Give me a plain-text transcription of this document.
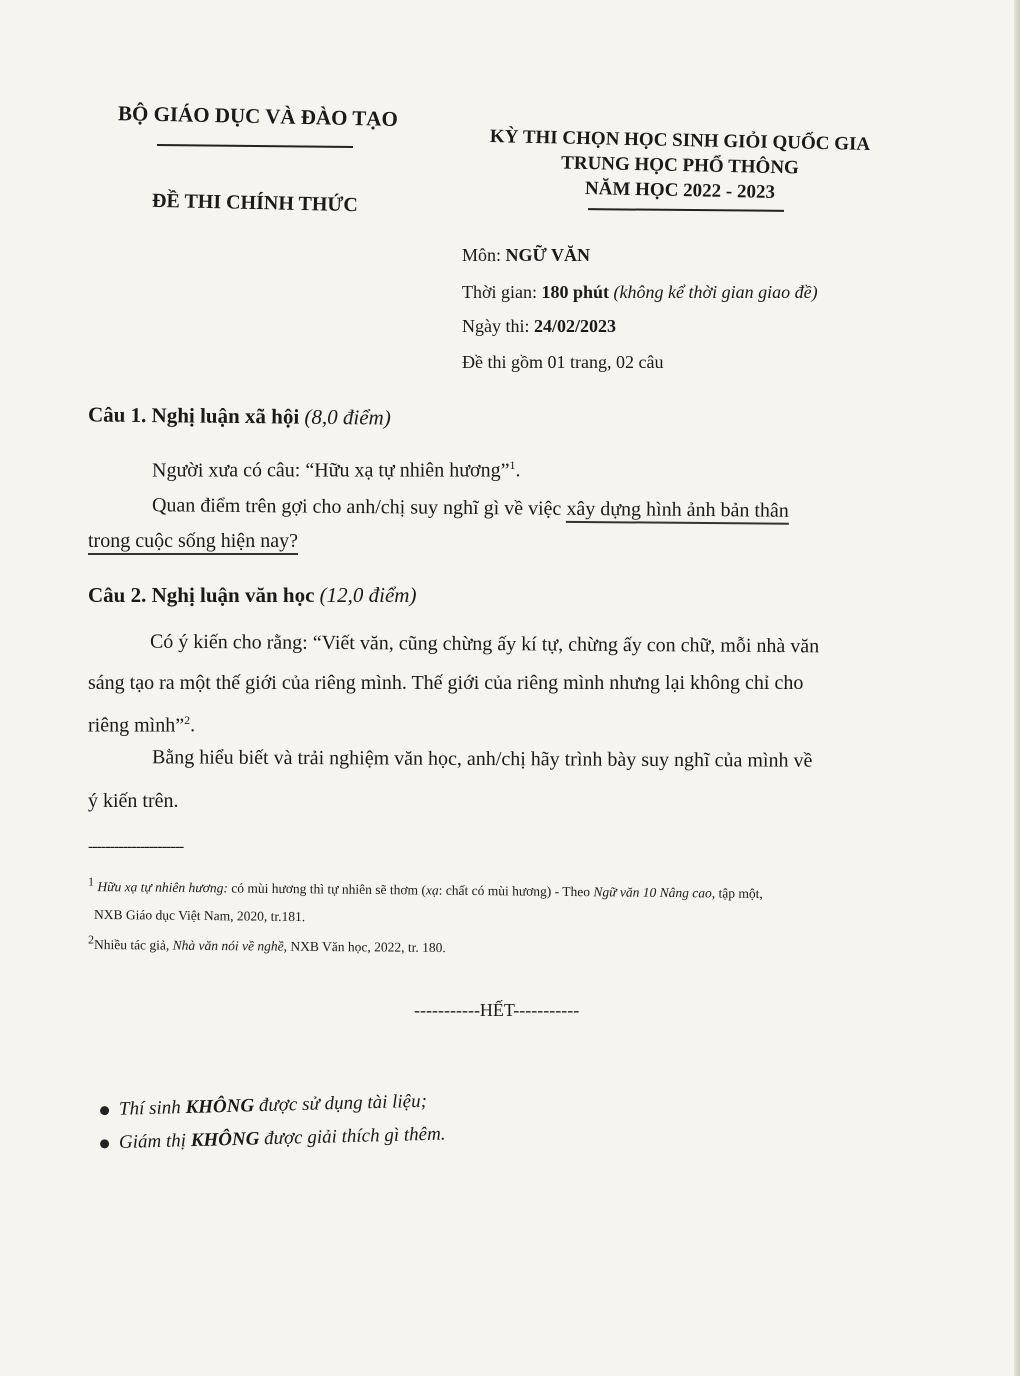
BỘ GIÁO DỤC VÀ ĐÀO TẠO
ĐỀ THI CHÍNH THỨC
KỲ THI CHỌN HỌC SINH GIỎI QUỐC GIA
TRUNG HỌC PHỔ THÔNG
NĂM HỌC 2022 - 2023
Môn: NGỮ VĂN
Thời gian: 180 phút (không kể thời gian giao đề)
Ngày thi: 24/02/2023
Đề thi gồm 01 trang, 02 câu
Câu 1. Nghị luận xã hội (8,0 điểm)
Người xưa có câu: “Hữu xạ tự nhiên hương”$^1$.
Quan điểm trên gợi cho anh/chị suy nghĩ gì về việc xây dựng hình ảnh bản thân
trong cuộc sống hiện nay?
Câu 2. Nghị luận văn học (12,0 điểm)
Có ý kiến cho rằng: “Viết văn, cũng chừng ấy kí tự, chừng ấy con chữ, mỗi nhà văn
sáng tạo ra một thế giới của riêng mình. Thế giới của riêng mình nhưng lại không chỉ cho
riêng mình”$^2$.
Bằng hiểu biết và trải nghiệm văn học, anh/chị hãy trình bày suy nghĩ của mình về
ý kiến trên.
----------------------
$^1$ Hữu xạ tự nhiên hương: có mùi hương thì tự nhiên sẽ thơm (xạ: chất có mùi hương) - Theo Ngữ văn 10 Nâng cao, tập một,
NXB Giáo dục Việt Nam, 2020, tr.181.
$^2$Nhiều tác giả, Nhà văn nói về nghề, NXB Văn học, 2022, tr. 180.
-----------HẾT-----------
Thí sinh KHÔNG được sử dụng tài liệu;
Giám thị KHÔNG được giải thích gì thêm.
